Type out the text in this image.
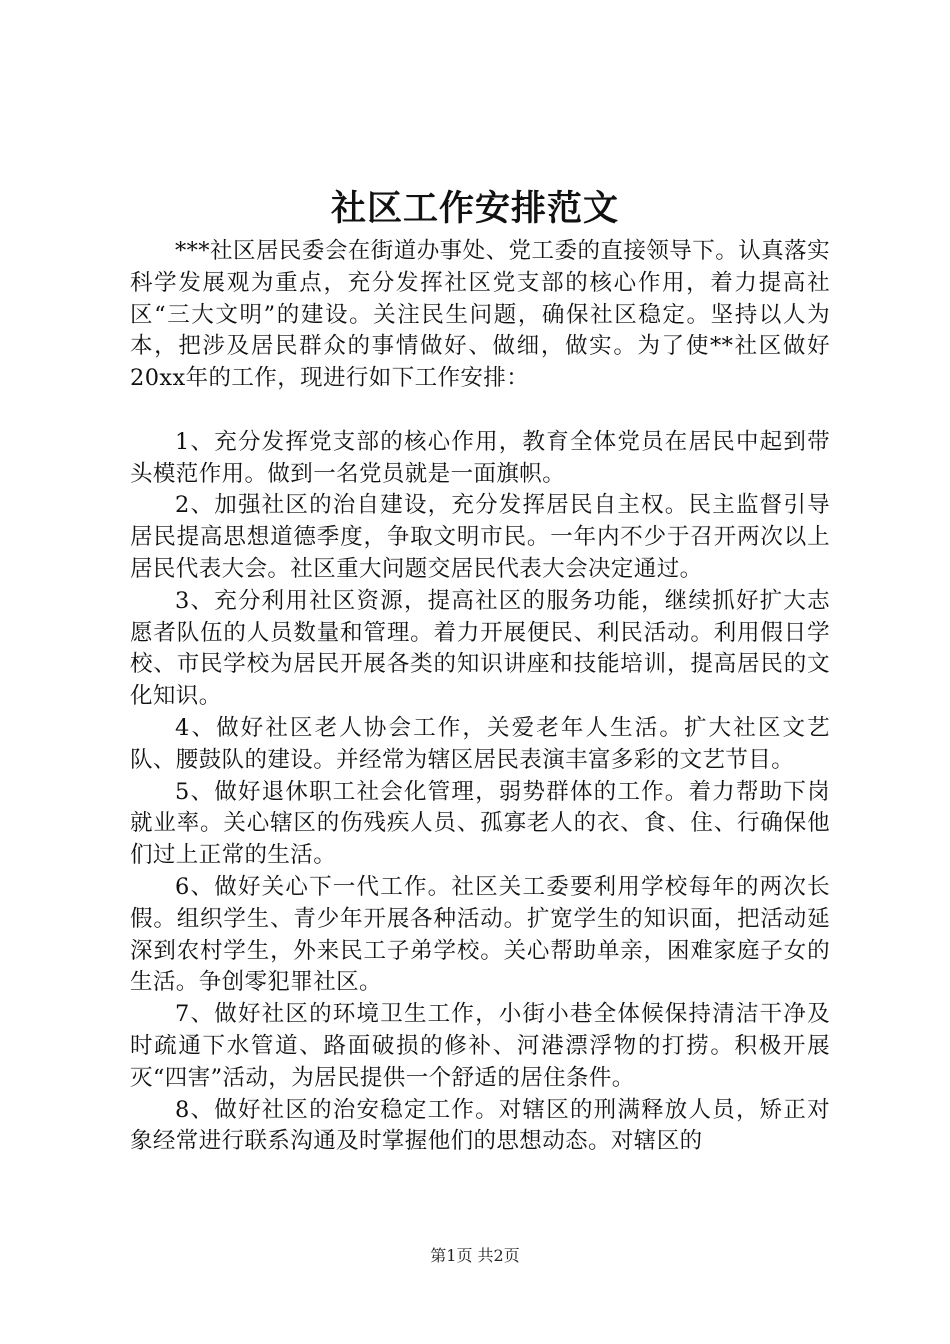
社区工作安排范文

***社区居民委会在街道办事处、党工委的直接领导下。认真落实科学发展观为重点，充分发挥社区党支部的核心作用，着力提高社区“三大文明”的建设。关注民生问题，确保社区稳定。坚持以人为本，把涉及居民群众的事情做好、做细，做实。为了使**社区做好20xx年的工作，现进行如下工作安排：

1、充分发挥党支部的核心作用，教育全体党员在居民中起到带头模范作用。做到一名党员就是一面旗帜。

2、加强社区的治自建设，充分发挥居民自主权。民主监督引导居民提高思想道德季度，争取文明市民。一年内不少于召开两次以上居民代表大会。社区重大问题交居民代表大会决定通过。

3、充分利用社区资源，提高社区的服务功能，继续抓好扩大志愿者队伍的人员数量和管理。着力开展便民、利民活动。利用假日学校、市民学校为居民开展各类的知识讲座和技能培训，提高居民的文化知识。

4、做好社区老人协会工作，关爱老年人生活。扩大社区文艺队、腰鼓队的建设。并经常为辖区居民表演丰富多彩的文艺节目。

5、做好退休职工社会化管理，弱势群体的工作。着力帮助下岗就业率。关心辖区的伤残疾人员、孤寡老人的衣、食、住、行确保他们过上正常的生活。

6、做好关心下一代工作。社区关工委要利用学校每年的两次长假。组织学生、青少年开展各种活动。扩宽学生的知识面，把活动延深到农村学生，外来民工子弟学校。关心帮助单亲，困难家庭子女的生活。争创零犯罪社区。

7、做好社区的环境卫生工作，小街小巷全体候保持清洁干净及时疏通下水管道、路面破损的修补、河港漂浮物的打捞。积极开展灭“四害”活动，为居民提供一个舒适的居住条件。

8、做好社区的治安稳定工作。对辖区的刑满释放人员，矫正对象经常进行联系沟通及时掌握他们的思想动态。对辖区的

第1页 共2页
